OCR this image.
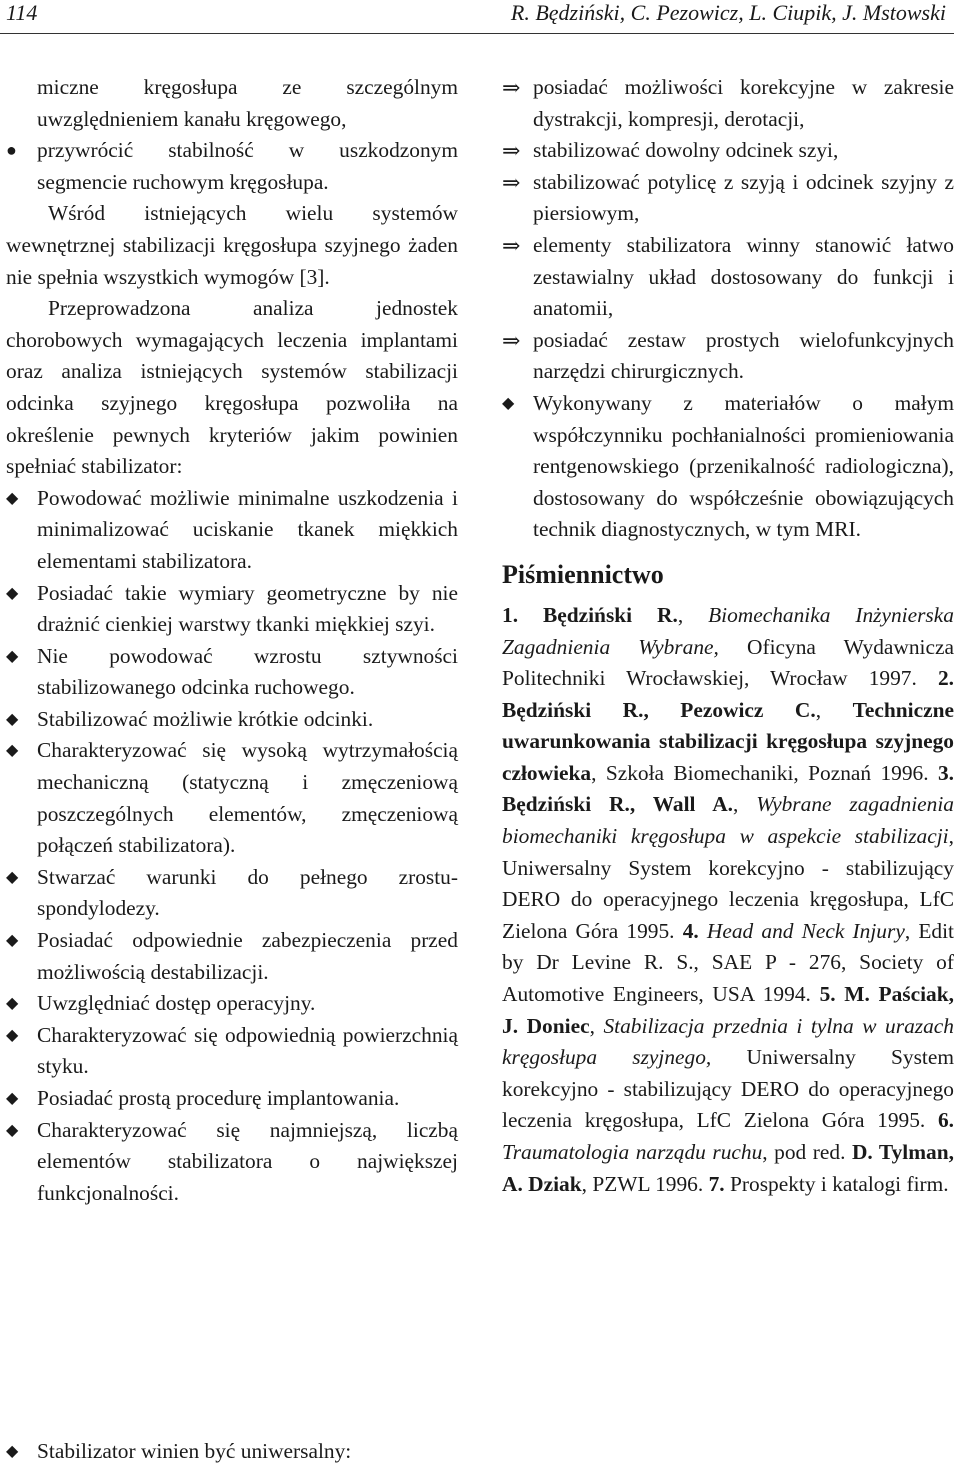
114	R. Będziński, C. Pezowicz, L. Ciupik, J. Mstowski
miczne kręgosłupa ze szczególnym uwzględnieniem kanału kręgowego,
● przywrócić stabilność w uszkodzonym segmencie ruchowym kręgosłupa.

Wśród istniejących wielu systemów wewnętrznej stabilizacji kręgosłupa szyjnego żaden nie spełnia wszystkich wymogów [3].

Przeprowadzona analiza jednostek chorobowych wymagających leczenia implantami oraz analiza istniejących systemów stabilizacji odcinka szyjnego kręgosłupa pozwoliła na określenie pewnych kryteriów jakim powinien spełniać stabilizator:

◆ Powodować możliwie minimalne uszkodzenia i minimalizować uciskanie tkanek miękkich elementami stabilizatora.
◆ Posiadać takie wymiary geometryczne by nie drażnić cienkiej warstwy tkanki miękkiej szyi.
◆ Nie powodować wzrostu sztywności stabilizowanego odcinka ruchowego.
◆ Stabilizować możliwie krótkie odcinki.
◆ Charakteryzować się wysoką wytrzymałością mechaniczną (statyczną i zmęczeniową poszczególnych elementów, zmęczeniową połączeń stabilizatora).
◆ Stwarzać warunki do pełnego zrostu-spondylodezy.
◆ Posiadać odpowiednie zabezpieczenia przed możliwością destabilizacji.
◆ Uwzględniać dostęp operacyjny.
◆ Charakteryzować się odpowiednią powierzchnią styku.
◆ Posiadać prostą procedurę implantowania.
◆ Charakteryzować się najmniejszą, liczbą elementów stabilizatora o największej funkcjonalności.
◆ Stabilizator winien być uniwersalny:
⇒ posiadać możliwości korekcyjne w zakresie dystrakcji, kompresji, derotacji,
⇒ stabilizować dowolny odcinek szyi,
⇒ stabilizować potylicę z szyją i odcinek szyjny z piersiowym,
⇒ elementy stabilizatora winny stanowić łatwo zestawialny układ dostosowany do funkcji i anatomii,
⇒ posiadać zestaw prostych wielofunkcyjnych narzędzi chirurgicznych.
◆ Wykonywany z materiałów o małym współczynniku pochłanialności promieniowania rentgenowskiego (przenikalność radiologiczna), dostosowany do współcześnie obowiązujących technik diagnostycznych, w tym MRI.
Piśmiennictwo

1. Będziński R., Biomechanika Inżynierska Zagadnienia Wybrane, Oficyna Wydawnicza Politechniki Wrocławskiej, Wrocław 1997. 2. Będziński R., Pezowicz C., Techniczne uwarunkowania stabilizacji kręgosłupa szyjnego człowieka, Szkoła Biomechaniki, Poznań 1996. 3. Będziński R., Wall A., Wybrane zagadnienia biomechaniki kręgosłupa w aspekcie stabilizacji, Uniwersalny System korekcyjno - stabilizujący DERO do operacyjnego leczenia kręgosłupa, LfC Zielona Góra 1995. 4. Head and Neck Injury, Edit by Dr Levine R. S., SAE P - 276, Society of Automotive Engineers, USA 1994. 5. M. Paściak, J. Doniec, Stabilizacja przednia i tylna w urazach kręgosłupa szyjnego, Uniwersalny System korekcyjno - stabilizujący DERO do operacyjnego leczenia kręgosłupa, LfC Zielona Góra 1995. 6. Traumatologia narządu ruchu, pod red. D. Tylman, A. Dziak, PZWL 1996. 7. Prospekty i katalogi firm.
